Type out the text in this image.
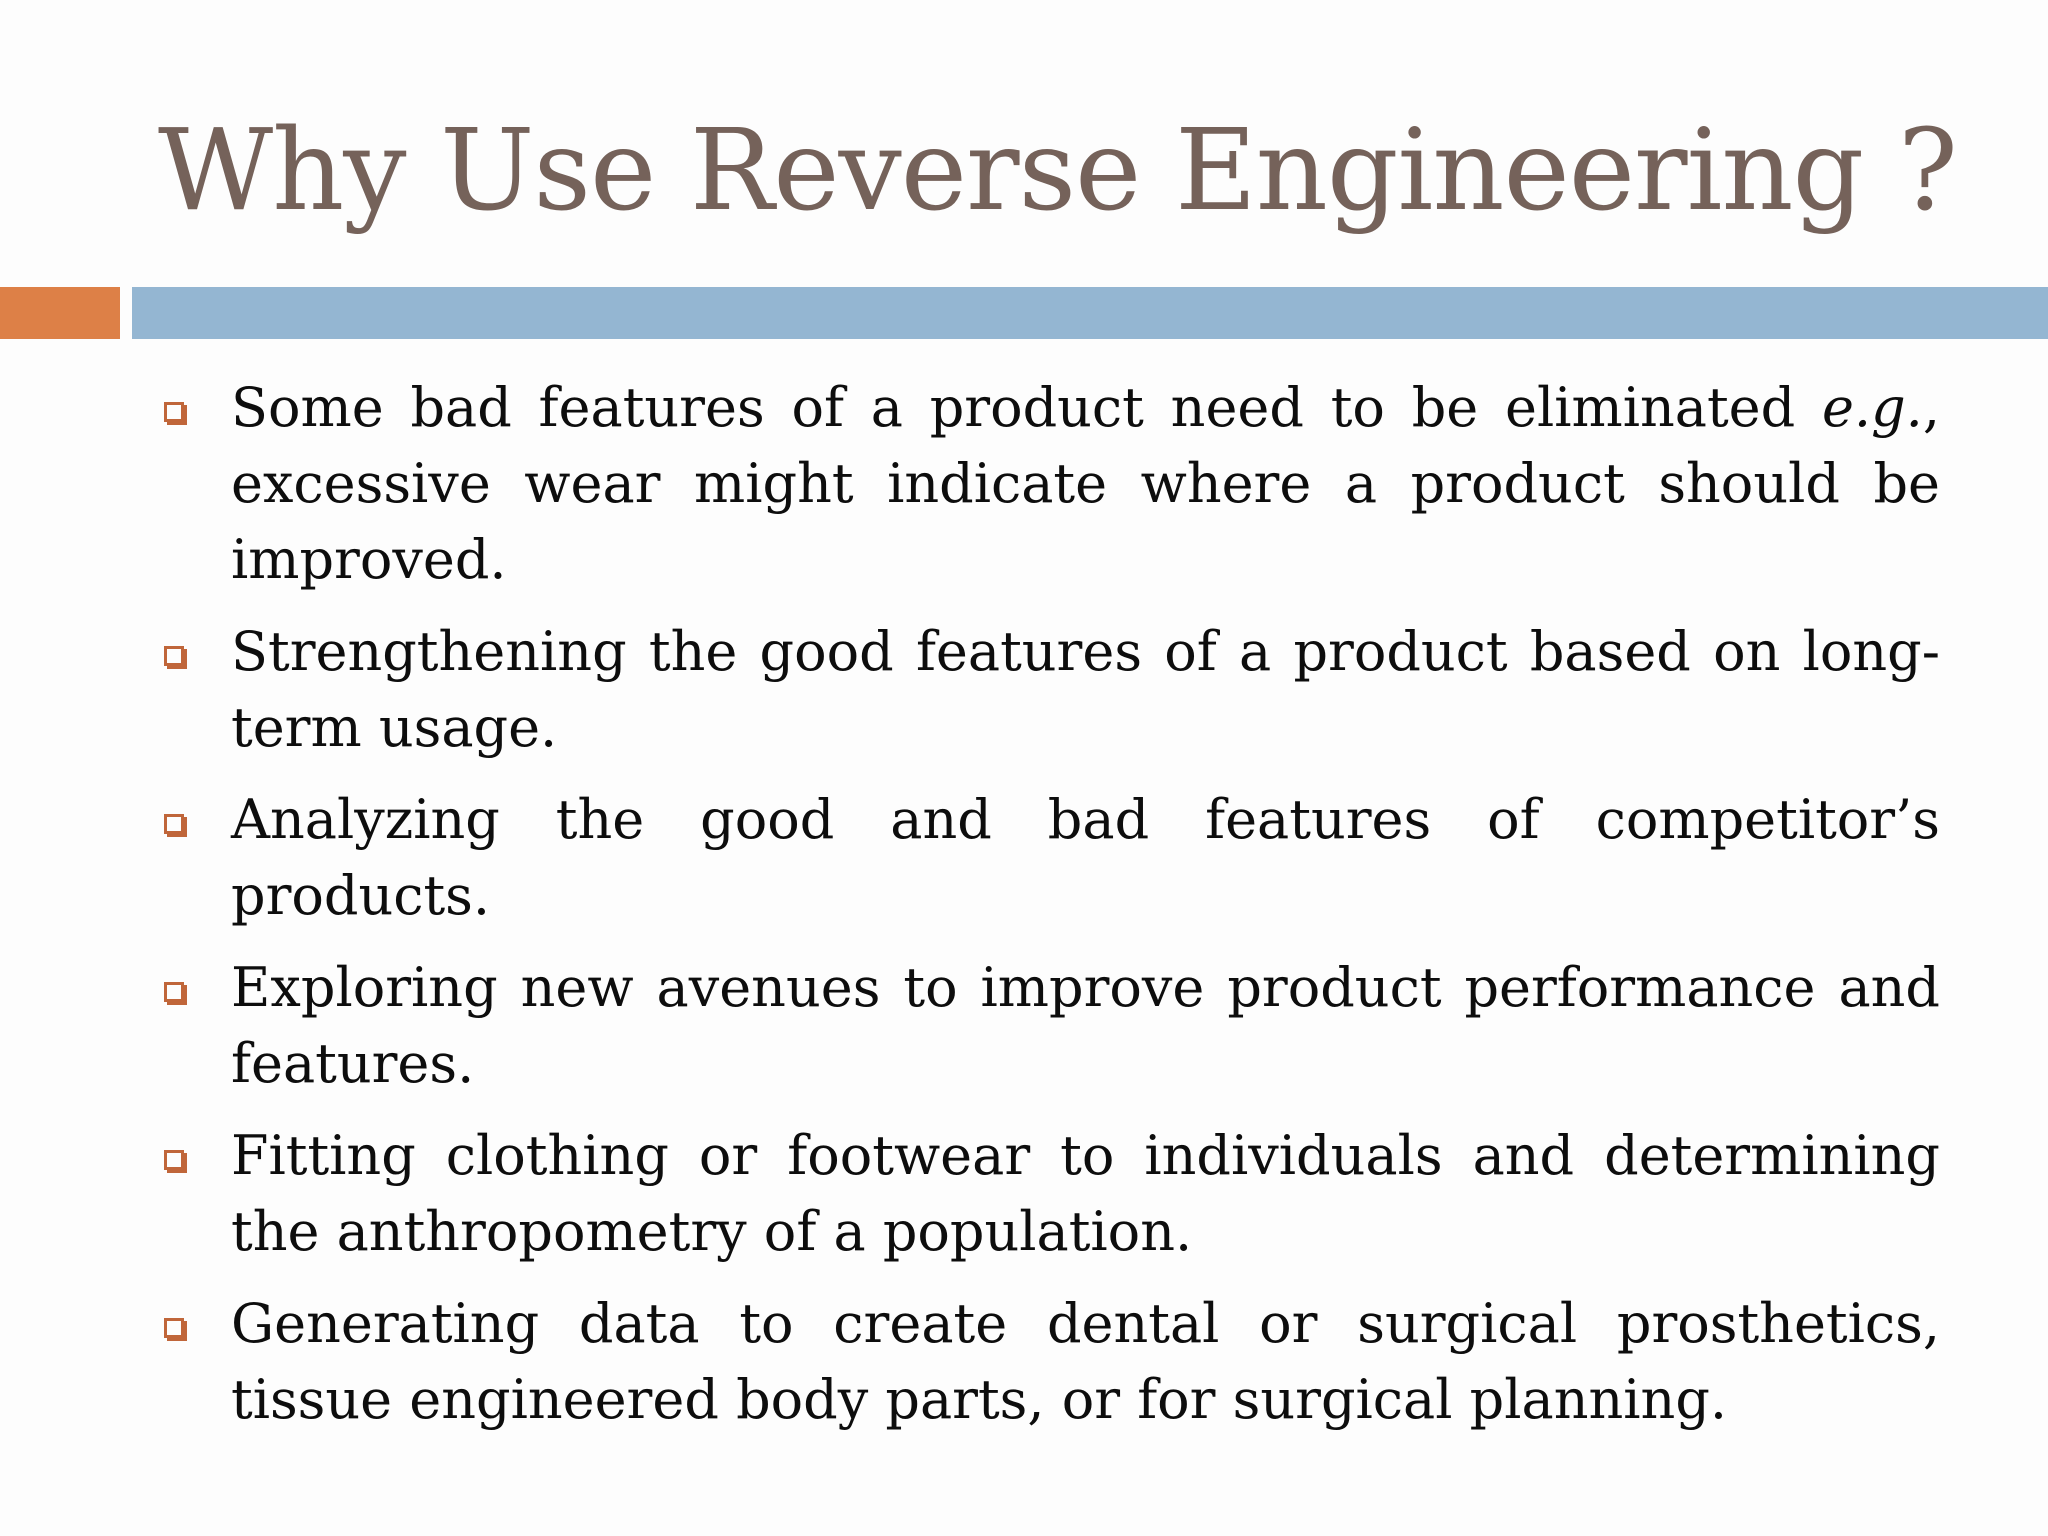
Why Use Reverse Engineering ?
Some bad features of a product need to be eliminated e.g., excessive wear might indicate where a product should be improved.
Strengthening the good features of a product based on long-term usage.
Analyzing the good and bad features of competitor’s products.
Exploring new avenues to improve product performance and features.
Fitting clothing or footwear to individuals and determining the anthropometry of a population.
Generating data to create dental or surgical prosthetics, tissue engineered body parts, or for surgical planning.
